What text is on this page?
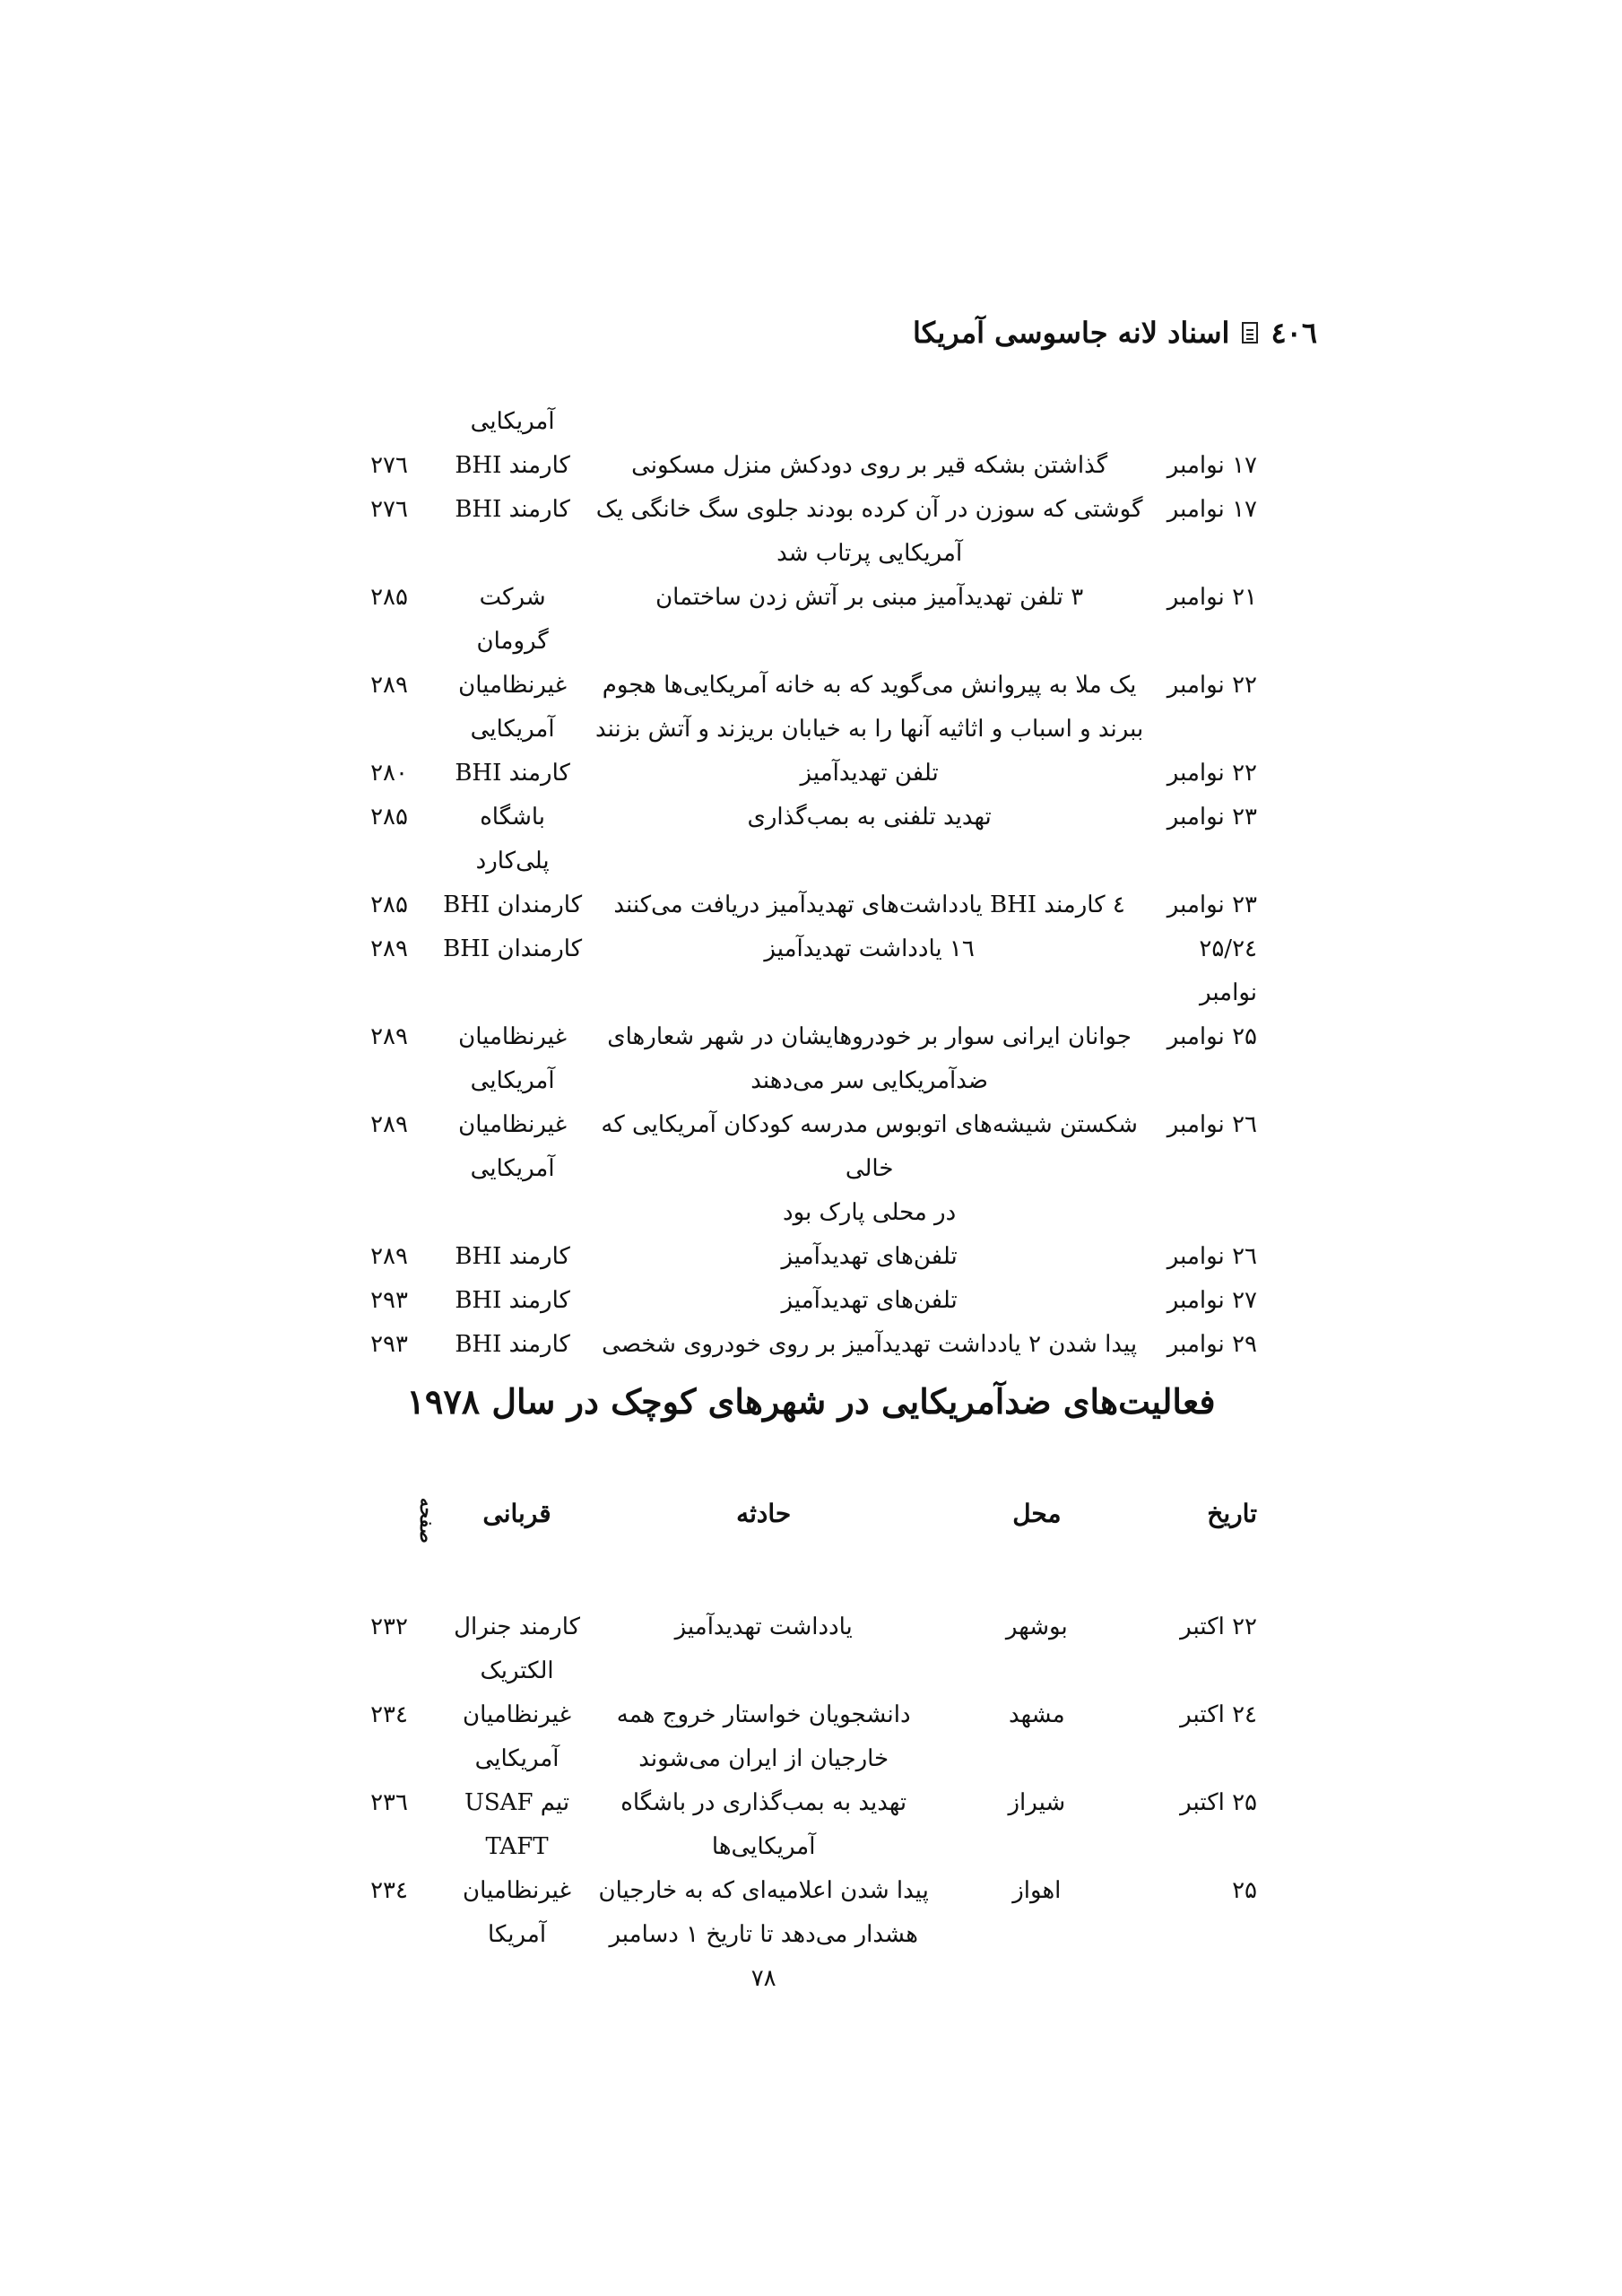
٤٠٦
اسناد لانه جاسوسی آمریکا
آمریکایی
۱۷ نوامبر
گذاشتن بشکه قیر بر روی دودکش منزل مسکونی
کارمند BHI
۲۷٦
۱۷ نوامبر
گوشتی که سوزن در آن کرده بودند جلوی سگ خانگی یک
آمریکایی پرتاب شد
کارمند BHI
۲۷٦
۲۱ نوامبر
۳ تلفن تهدیدآمیز مبنی بر آتش زدن ساختمان
شرکت
گرومان
۲۸۵
۲۲ نوامبر
یک ملا به پیروانش می‌گوید که به خانه آمریکایی‌ها هجوم
ببرند و اسباب و اثاثیه آنها را به خیابان بریزند و آتش بزنند
غیرنظامیان
آمریکایی
۲۸۹
۲۲ نوامبر
تلفن تهدیدآمیز
کارمند BHI
۲۸۰
۲۳ نوامبر
تهدید تلفنی به بمب‌گذاری
باشگاه
پلی‌کارد
۲۸۵
۲۳ نوامبر
٤ کارمند BHI یادداشت‌های تهدیدآمیز دریافت می‌کنند
کارمندان BHI
۲۸۵
۲۵/۲٤
نوامبر
۱٦ یادداشت تهدیدآمیز
کارمندان BHI
۲۸۹
۲۵ نوامبر
جوانان ایرانی سوار بر خودروهایشان در شهر شعارهای
ضدآمریکایی سر می‌دهند
غیرنظامیان
آمریکایی
۲۸۹
۲٦ نوامبر
شکستن شیشه‌های اتوبوس مدرسه کودکان آمریکایی که خالی
در محلی پارک بود
غیرنظامیان
آمریکایی
۲۸۹
۲٦ نوامبر
تلفن‌های تهدیدآمیز
کارمند BHI
۲۸۹
۲۷ نوامبر
تلفن‌های تهدیدآمیز
کارمند BHI
۲۹۳
۲۹ نوامبر
پیدا شدن ۲ یادداشت تهدیدآمیز بر روی خودروی شخصی
کارمند BHI
۲۹۳
فعالیت‌های ضدآمریکایی در شهرهای کوچک در سال ۱۹۷۸
تاریخ
محل
حادثه
قربانی
صفحه
۲۲ اکتبر
بوشهر
یادداشت تهدیدآمیز
کارمند جنرال
الکتریک
۲۳۲
۲٤ اکتبر
مشهد
دانشجویان خواستار خروج همه
خارجیان از ایران می‌شوند
غیرنظامیان
آمریکایی
۲۳٤
۲۵ اکتبر
شیراز
تهدید به بمب‌گذاری در باشگاه
آمریکایی‌ها
تیم USAF
TAFT
۲۳٦
۲۵
اهواز
پیدا شدن اعلامیه‌ای که به خارجیان
هشدار می‌دهد تا تاریخ ۱ دسامبر ۷۸
غیرنظامیان
آمریکا
۲۳٤
